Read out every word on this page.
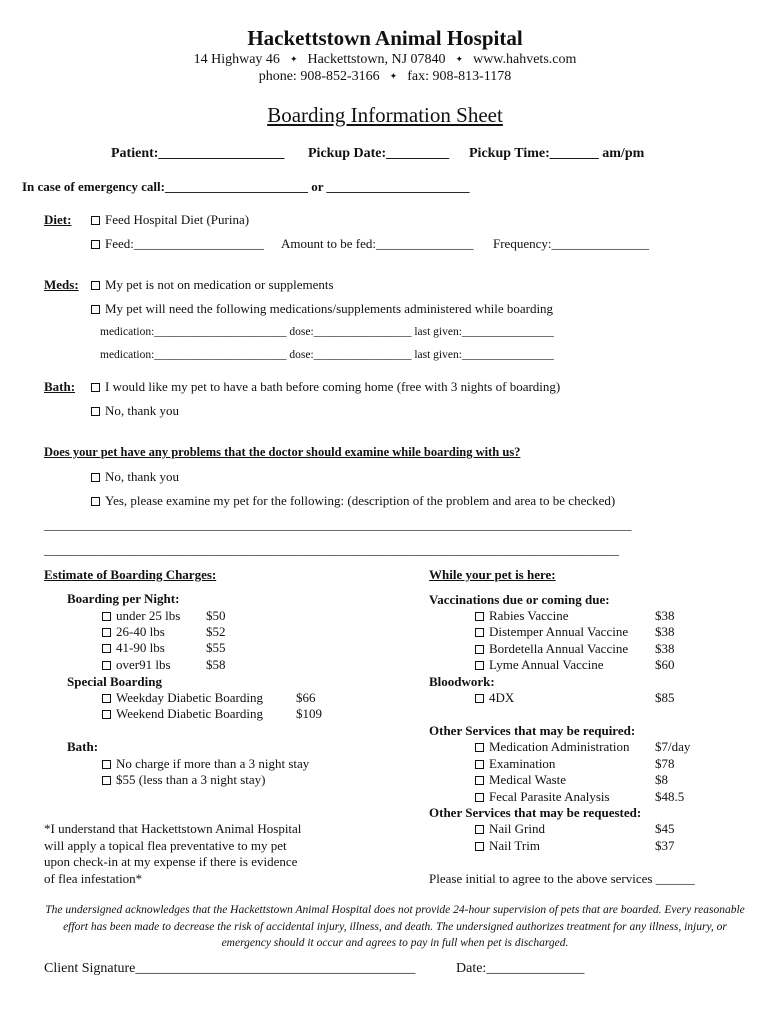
Hackettstown Animal Hospital
14 Highway 46 ✦ Hackettstown, NJ 07840 ✦ www.hahvets.com
phone: 908-852-3166 ✦ fax: 908-813-1178
Boarding Information Sheet
Patient:__________________ Pickup Date:_________ Pickup Time:_______ am/pm
In case of emergency call:______________________ or ______________________
Diet:	Feed Hospital Diet (Purina)
Feed:____________________ Amount to be fed:_______________ Frequency:_______________
Meds:	My pet is not on medication or supplements
My pet will need the following medications/supplements administered while boarding
medication:_______________________ dose:_________________ last given:________________
medication:_______________________ dose:_________________ last given:________________
Bath:	I would like my pet to have a bath before coming home (free with 3 nights of boarding)
No, thank you
Does your pet have any problems that the doctor should examine while boarding with us?
No, thank you
Yes, please examine my pet for the following: (description of the problem and area to be checked)
______________________________________________________________________________________________
____________________________________________________________________________________________
Estimate of Boarding Charges:
Boarding per Night:
under 25 lbs $50
26-40 lbs	$52
41-90 lbs	$55
over91 lbs	$58
Special Boarding
Weekday Diabetic Boarding	$66
Weekend Diabetic Boarding	$109
Bath:
No charge if more than a 3 night stay
$55 (less than a 3 night stay)
*I understand that Hackettstown Animal Hospital
will apply a topical flea preventative to my pet
upon check-in at my expense if there is evidence
of flea infestation*
While your pet is here:
Vaccinations due or coming due:
Rabies Vaccine	$38
Distemper Annual Vaccine $38
Bordetella Annual Vaccine $38
Lyme Annual Vaccine	$60
Bloodwork:
4DX	$85
Other Services that may be required:
Medication Administration $7/day
Examination	$78
Medical Waste	$8
Fecal Parasite Analysis	$48.5
Other Services that may be requested:
Nail Grind	$45
Nail Trim	$37
Please initial to agree to the above services ______
The undersigned acknowledges that the Hackettstown Animal Hospital does not provide 24-hour supervision of pets that are boarded. Every reasonable effort has been made to decrease the risk of accidental injury, illness, and death. The undersigned authorizes treatment for any illness, injury, or emergency should it occur and agrees to pay in full when pet is discharged.
Client Signature________________________________________	Date:______________
